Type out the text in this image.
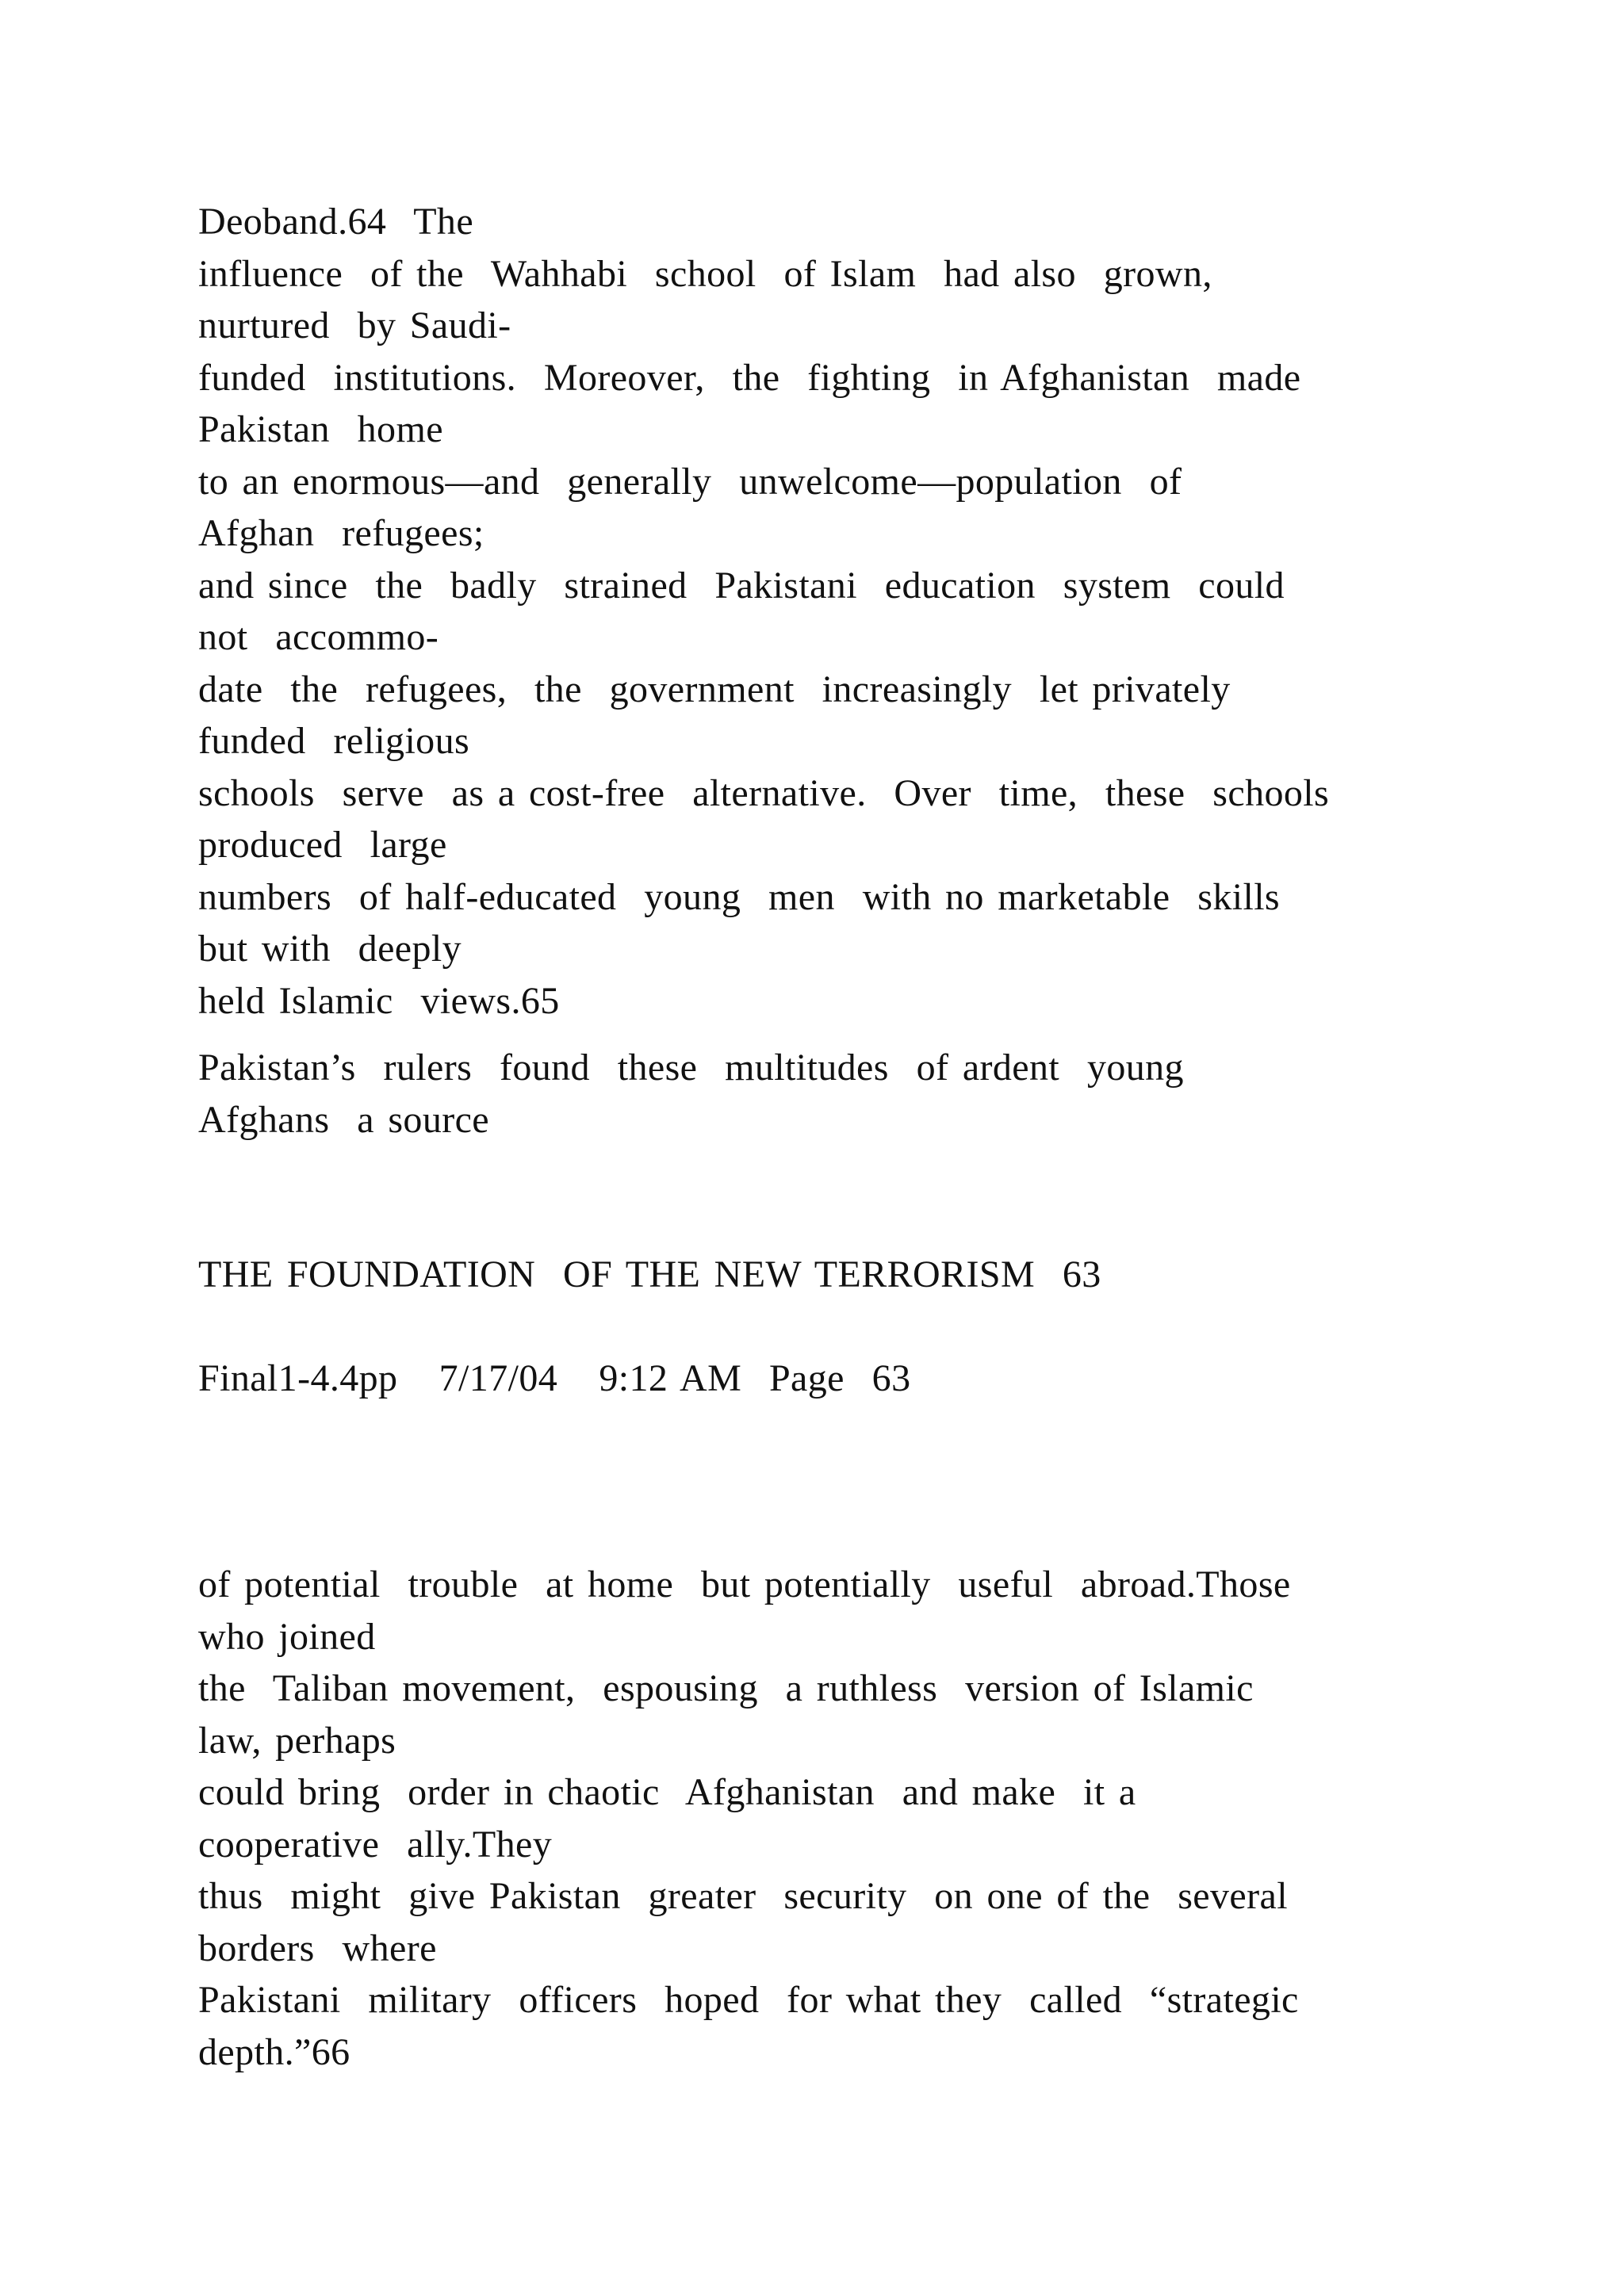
Deoband.64  The
influence  of the  Wahhabi  school  of Islam  had also  grown,
nurtured  by Saudi-
funded  institutions.  Moreover,  the  fighting  in Afghanistan  made
Pakistan  home
to an enormous—and  generally  unwelcome—population  of
Afghan  refugees;
and since  the  badly  strained  Pakistani  education  system  could
not  accommo-
date  the  refugees,  the  government  increasingly  let privately
funded  religious
schools  serve  as a cost-free  alternative.  Over  time,  these  schools
produced  large
numbers  of half-educated  young  men  with no marketable  skills
but with  deeply
held Islamic  views.65
Pakistan’s  rulers  found  these  multitudes  of ardent  young
Afghans  a source
THE FOUNDATION  OF THE NEW TERRORISM  63
Final1-4.4pp   7/17/04   9:12 AM  Page  63
of potential  trouble  at home  but potentially  useful  abroad.Those
who joined
the  Taliban movement,  espousing  a ruthless  version of Islamic
law, perhaps
could bring  order in chaotic  Afghanistan  and make  it a
cooperative  ally.They
thus  might  give Pakistan  greater  security  on one of the  several
borders  where
Pakistani  military  officers  hoped  for what they  called  “strategic
depth.”66
